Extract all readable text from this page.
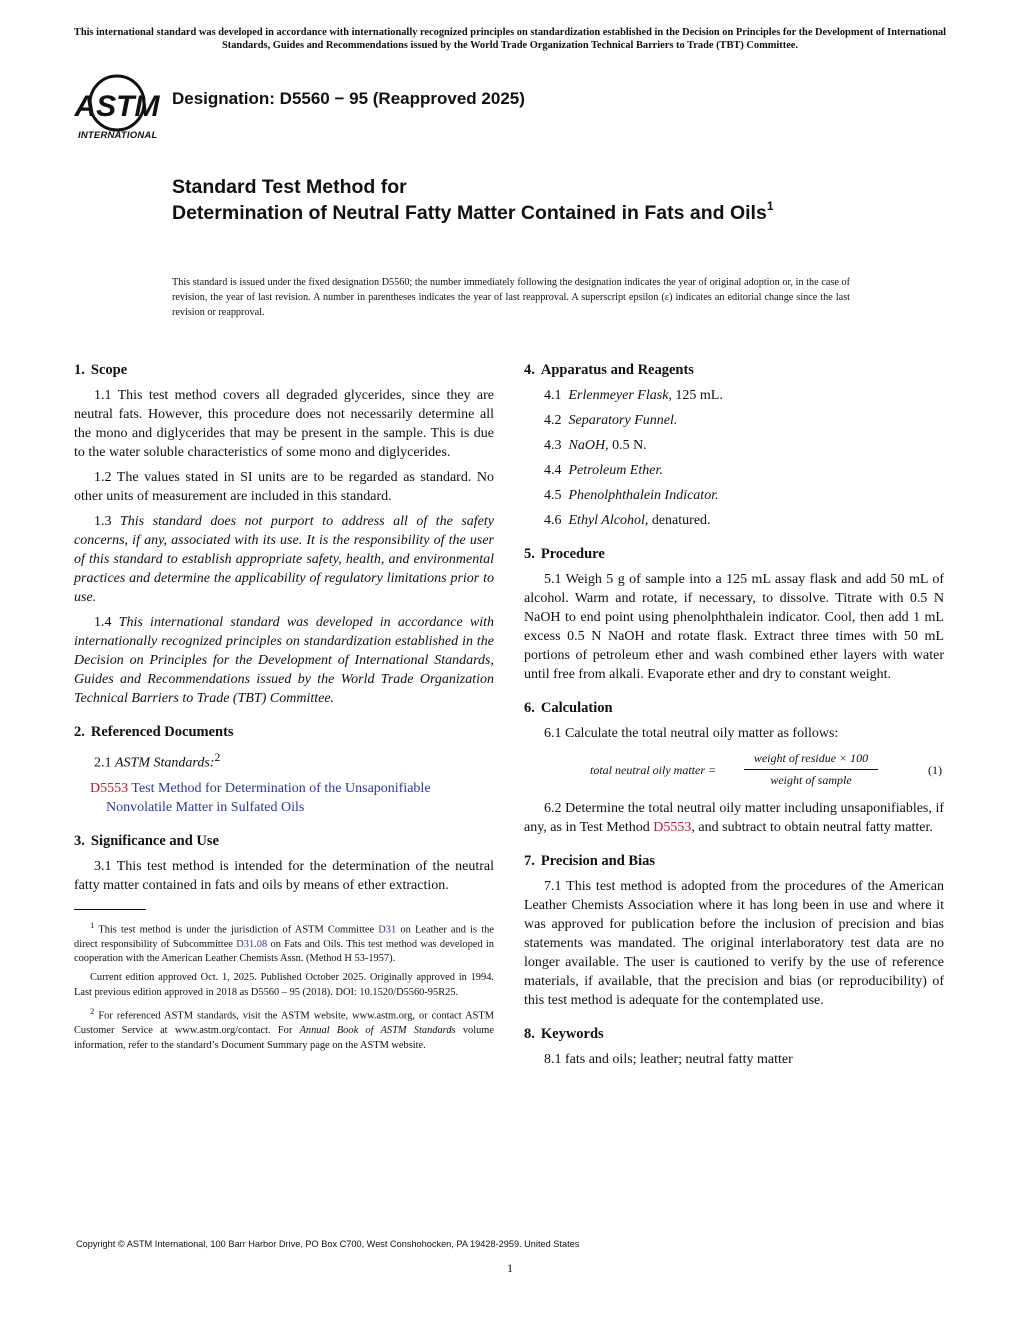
This international standard was developed in accordance with internationally recognized principles on standardization established in the Decision on Principles for the Development of International Standards, Guides and Recommendations issued by the World Trade Organization Technical Barriers to Trade (TBT) Committee.
ASTM
INTERNATIONAL
Designation: D5560 − 95 (Reapproved 2025)
Standard Test Method for
Determination of Neutral Fatty Matter Contained in Fats and Oils$^1$
This standard is issued under the fixed designation D5560; the number immediately following the designation indicates the year of original adoption or, in the case of revision, the year of last revision. A number in parentheses indicates the year of last reapproval. A superscript epsilon (ε) indicates an editorial change since the last revision or reapproval.
1. Scope

1.1 This test method covers all degraded glycerides, since they are neutral fats. However, this procedure does not necessarily determine all the mono and diglycerides that may be present in the sample. This is due to the water soluble characteristics of some mono and diglycerides.

1.2 The values stated in SI units are to be regarded as standard. No other units of measurement are included in this standard.

1.3 This standard does not purport to address all of the safety concerns, if any, associated with its use. It is the responsibility of the user of this standard to establish appropriate safety, health, and environmental practices and determine the applicability of regulatory limitations prior to use.

1.4 This international standard was developed in accordance with internationally recognized principles on standardization established in the Decision on Principles for the Development of International Standards, Guides and Recommendations issued by the World Trade Organization Technical Barriers to Trade (TBT) Committee.

2. Referenced Documents

2.1 ASTM Standards:$^2$

D5553 Test Method for Determination of the Unsaponifiable Nonvolatile Matter in Sulfated Oils
3. Significance and Use

3.1 This test method is intended for the determination of the neutral fatty matter contained in fats and oils by means of ether extraction.

$^1$ This test method is under the jurisdiction of ASTM Committee D31 on Leather and is the direct responsibility of Subcommittee D31.08 on Fats and Oils. This test method was developed in cooperation with the American Leather Chemists Assn. (Method H 53-1957).

Current edition approved Oct. 1, 2025. Published October 2025. Originally approved in 1994. Last previous edition approved in 2018 as D5560 – 95 (2018). DOI: 10.1520/D5560-95R25.

$^2$ For referenced ASTM standards, visit the ASTM website, www.astm.org, or contact ASTM Customer Service at www.astm.org/contact. For Annual Book of ASTM Standards volume information, refer to the standard’s Document Summary page on the ASTM website.

4. Apparatus and Reagents

4.1 Erlenmeyer Flask, 125 mL.

4.2 Separatory Funnel.

4.3 NaOH, 0.5 N.

4.4 Petroleum Ether.

4.5 Phenolphthalein Indicator.

4.6 Ethyl Alcohol, denatured.

5. Procedure

5.1 Weigh 5 g of sample into a 125 mL assay flask and add 50 mL of alcohol. Warm and rotate, if necessary, to dissolve. Titrate with 0.5 N NaOH to end point using phenolphthalein indicator. Cool, then add 1 mL excess 0.5 N NaOH and rotate flask. Extract three times with 50 mL portions of petroleum ether and wash combined ether layers with water until free from alkali. Evaporate ether and dry to constant weight.

6. Calculation

6.1 Calculate the total neutral oily matter as follows:

total neutral oily matter =
weight of residue × 100
weight of sample
(1)

6.2 Determine the total neutral oily matter including unsaponifiables, if any, as in Test Method D5553, and subtract to obtain neutral fatty matter.

7. Precision and Bias

7.1 This test method is adopted from the procedures of the American Leather Chemists Association where it has long been in use and where it was approved for publication before the inclusion of precision and bias statements was mandated. The original interlaboratory test data are no longer available. The user is cautioned to verify by the use of reference materials, if available, that the precision and bias (or reproducibility) of this test method is adequate for the contemplated use.

8. Keywords

8.1 fats and oils; leather; neutral fatty matter

Copyright © ASTM International, 100 Barr Harbor Drive, PO Box C700, West Conshohocken, PA 19428-2959. United States
1
